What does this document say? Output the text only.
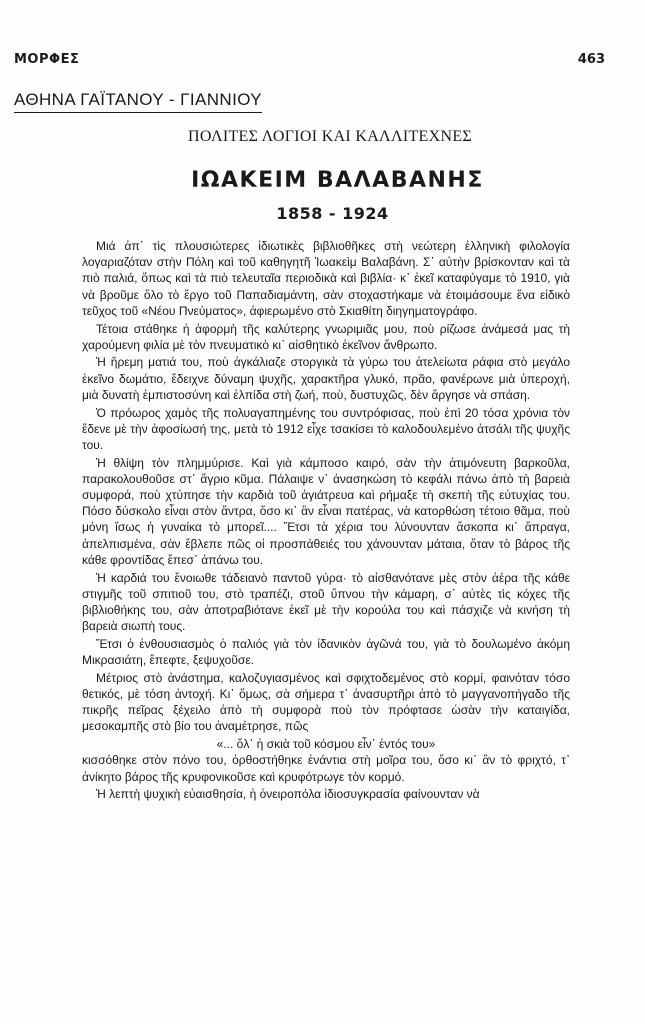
ΜΟΡΦΕΣ	463
ΑΘΗΝΑ ΓΑΪΤΑΝΟΥ - ΓΙΑΝΝΙΟΥ
ΠΟΛΙΤΕΣ ΛΟΓΙΟΙ ΚΑΙ ΚΑΛΛΙΤΕΧΝΕΣ
ΙΩΑΚΕΙΜ ΒΑΛΑΒΑΝΗΣ
1858 - 1924

Μιά ἀπ᾿ τὶς πλουσιώτερες ἰδιωτικὲς βιβλιοθῆκες στὴ νεώτερη ἑλληνικὴ φιλολογία λογαριαζόταν στὴν Πόλη καὶ τοῦ καθηγητῆ Ἰωακεὶμ Βαλαβάνη. Σ᾿ αὐτὴν βρίσκονταν καὶ τὰ πιὸ παλιά, ὅπως καὶ τὰ πιὸ τελευταῖα περιοδικὰ καὶ βιβλία· κ᾿ ἐκεῖ καταφύγαμε τὸ 1910, γιὰ νὰ βροῦμε ὅλο τὸ ἔργο τοῦ Παπαδιαμάντη, σὰν στοχαστήκαμε νὰ ἑτοιμάσουμε ἕνα εἰδικὸ τεῦχος τοῦ «Νέου Πνεύματος», ἀφιερωμένο στὸ Σκιαθίτη διηγηματογράφο.

Τέτοια στάθηκε ἡ ἀφορμὴ τῆς καλύτερης γνωριμιᾶς μου, ποὺ ρίζωσε ἀνάμεσά μας τὴ χαρούμενη φιλία μὲ τὸν πνευματικὸ κι᾿ αἰσθητικὸ ἐκεῖνον ἄνθρωπο.

Ἡ ἥρεμη ματιά του, ποὺ ἀγκάλιαζε στοργικὰ τὰ γύρω του ἀτελείωτα ράφια στὸ μεγάλο ἐκεῖνο δωμάτιο, ἔδειχνε δύναμη ψυχῆς, χαρακτῆρα γλυκό, πρᾶο, φανέρωνε μιὰ ὑπεροχή, μιὰ δυνατὴ ἐμπιστοσύνη καὶ ἐλπίδα στὴ ζωή, ποὺ, δυστυχῶς, δὲν ἄργησε νὰ σπάση.

Ὁ πρόωρος χαμὸς τῆς πολυαγαπημένης του συντρόφισας, ποὺ ἐπὶ 20 τόσα χρόνια τὸν ἔδενε μὲ τὴν ἀφοσίωσή της, μετὰ τὸ 1912 εἶχε τσακίσει τὸ καλοδουλεμένο ἀτσάλι τῆς ψυχῆς του.

Ἡ θλίψη τὸν πλημμύρισε. Καὶ γιὰ κάμποσο καιρό, σὰν τὴν ἀτιμόνευτη βαρκοῦλα, παρακολουθοῦσε στ᾿ ἄγριο κῦμα. Πάλαιψε ν᾿ ἀνασηκώση τὸ κεφάλι πάνω ἀπὸ τὴ βαρειὰ συμφορά, ποὺ χτύπησε τὴν καρδιὰ τοῦ ἀγιάτρευα καὶ ρήμαξε τὴ σκεπὴ τῆς εὐτυχίας του. Πόσο δύσκολο εἶναι στὸν ἄντρα, ὅσο κι᾿ ἂν εἶναι πατέρας, νὰ κατορθώση τέτοιο θᾶμα, ποὺ μόνη ἴσως ἡ γυναίκα τὸ μπορεῖ.... Ἔτσι τὰ χέρια του λύνουνταν ἄσκοπα κι᾿ ἄπραγα, ἀπελπισμένα, σὰν ἔβλεπε πῶς οἱ προσπάθειές του χάνουνταν μάταια, ὅταν τὸ βάρος τῆς κάθε φροντίδας ἔπεσ᾿ ἀπάνω του.

Ἡ καρδιά του ἔνοιωθε τάδειανὸ παντοῦ γύρα· τὸ αἰσθανότανε μὲς στὸν ἀέρα τῆς κάθε στιγμῆς τοῦ σπιτιοῦ του, στὸ τραπέζι, στοῦ ὕπνου τὴν κάμαρη, σ᾿ αὐτὲς τὶς κόχες τῆς βιβλιοθήκης του, σὰν ἀποτραβιότανε ἐκεῖ μὲ τὴν κορούλα του καὶ πάσχιζε νὰ κινήση τὴ βαρειὰ σιωπὴ τους.

Ἔτσι ὁ ἐνθουσιασμὸς ὁ παλιός γιὰ τὸν ἰδανικὸν ἀγῶνά του, γιὰ τὸ δουλωμένο ἀκόμη Μικρασιάτη, ἔπεφτε, ξεψυχοῦσε.

Μέτριος στὸ ἀνάστημα, καλοζυγιασμένος καὶ σφιχτοδεμένος στὸ κορμί, φαινόταν τόσο θετικός, μὲ τόση ἀντοχή. Κι᾿ ὅμως, σὰ σήμερα τ᾿ ἀνασυρτῆρι ἀπὸ τὸ μαγγανοπήγαδο τῆς πικρῆς πεῖρας ξέχειλο ἀπὸ τὴ συμφορὰ ποὺ τὸν πρόφτασε ὡσὰν τὴν καταιγίδα, μεσοκαμπῆς στὸ βίο του ἀναμέτρησε, πῶς

«... ὅλ᾿ ἡ σκιὰ τοῦ κόσμου εἶν᾿ ἐντός του»

κισσόθηκε στὸν πόνο του, ὀρθοστήθηκε ἐνάντια στὴ μοῖρα του, ὅσο κι᾿ ἂν τὸ φριχτό, τ᾿ ἀνίκητο βάρος τῆς κρυφονικοῦσε καὶ κρυφότρωγε τὸν κορμό.

Ἡ λεπτὴ ψυχικὴ εὐαισθησία, ἡ ὀνειροπόλα ἰδιοσυγκρασία φαίνουνταν νὰ
